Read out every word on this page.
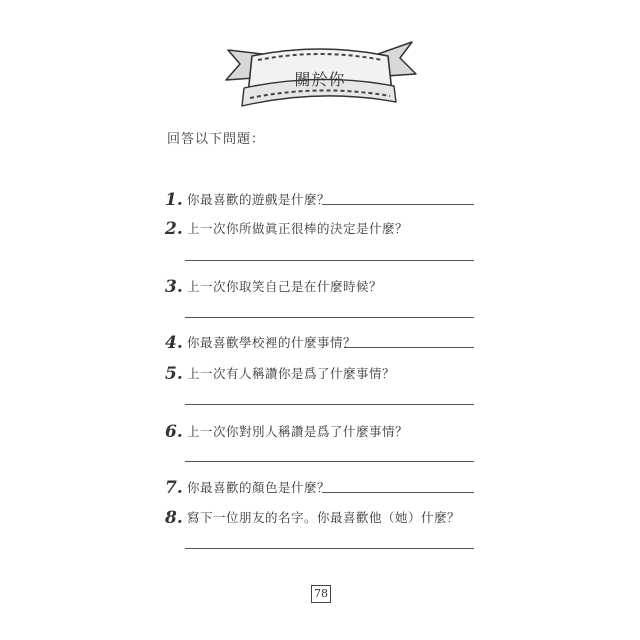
關於你
回答以下問題：
1. 你最喜歡的遊戲是什麼？
2. 上一次你所做眞正很棒的決定是什麼？
3. 上一次你取笑自己是在什麼時候？
4. 你最喜歡學校裡的什麼事情？
5. 上一次有人稱讚你是爲了什麼事情？
6. 上一次你對別人稱讚是爲了什麼事情？
7. 你最喜歡的顏色是什麼？
8. 寫下一位朋友的名字。你最喜歡他（她）什麼？
78
